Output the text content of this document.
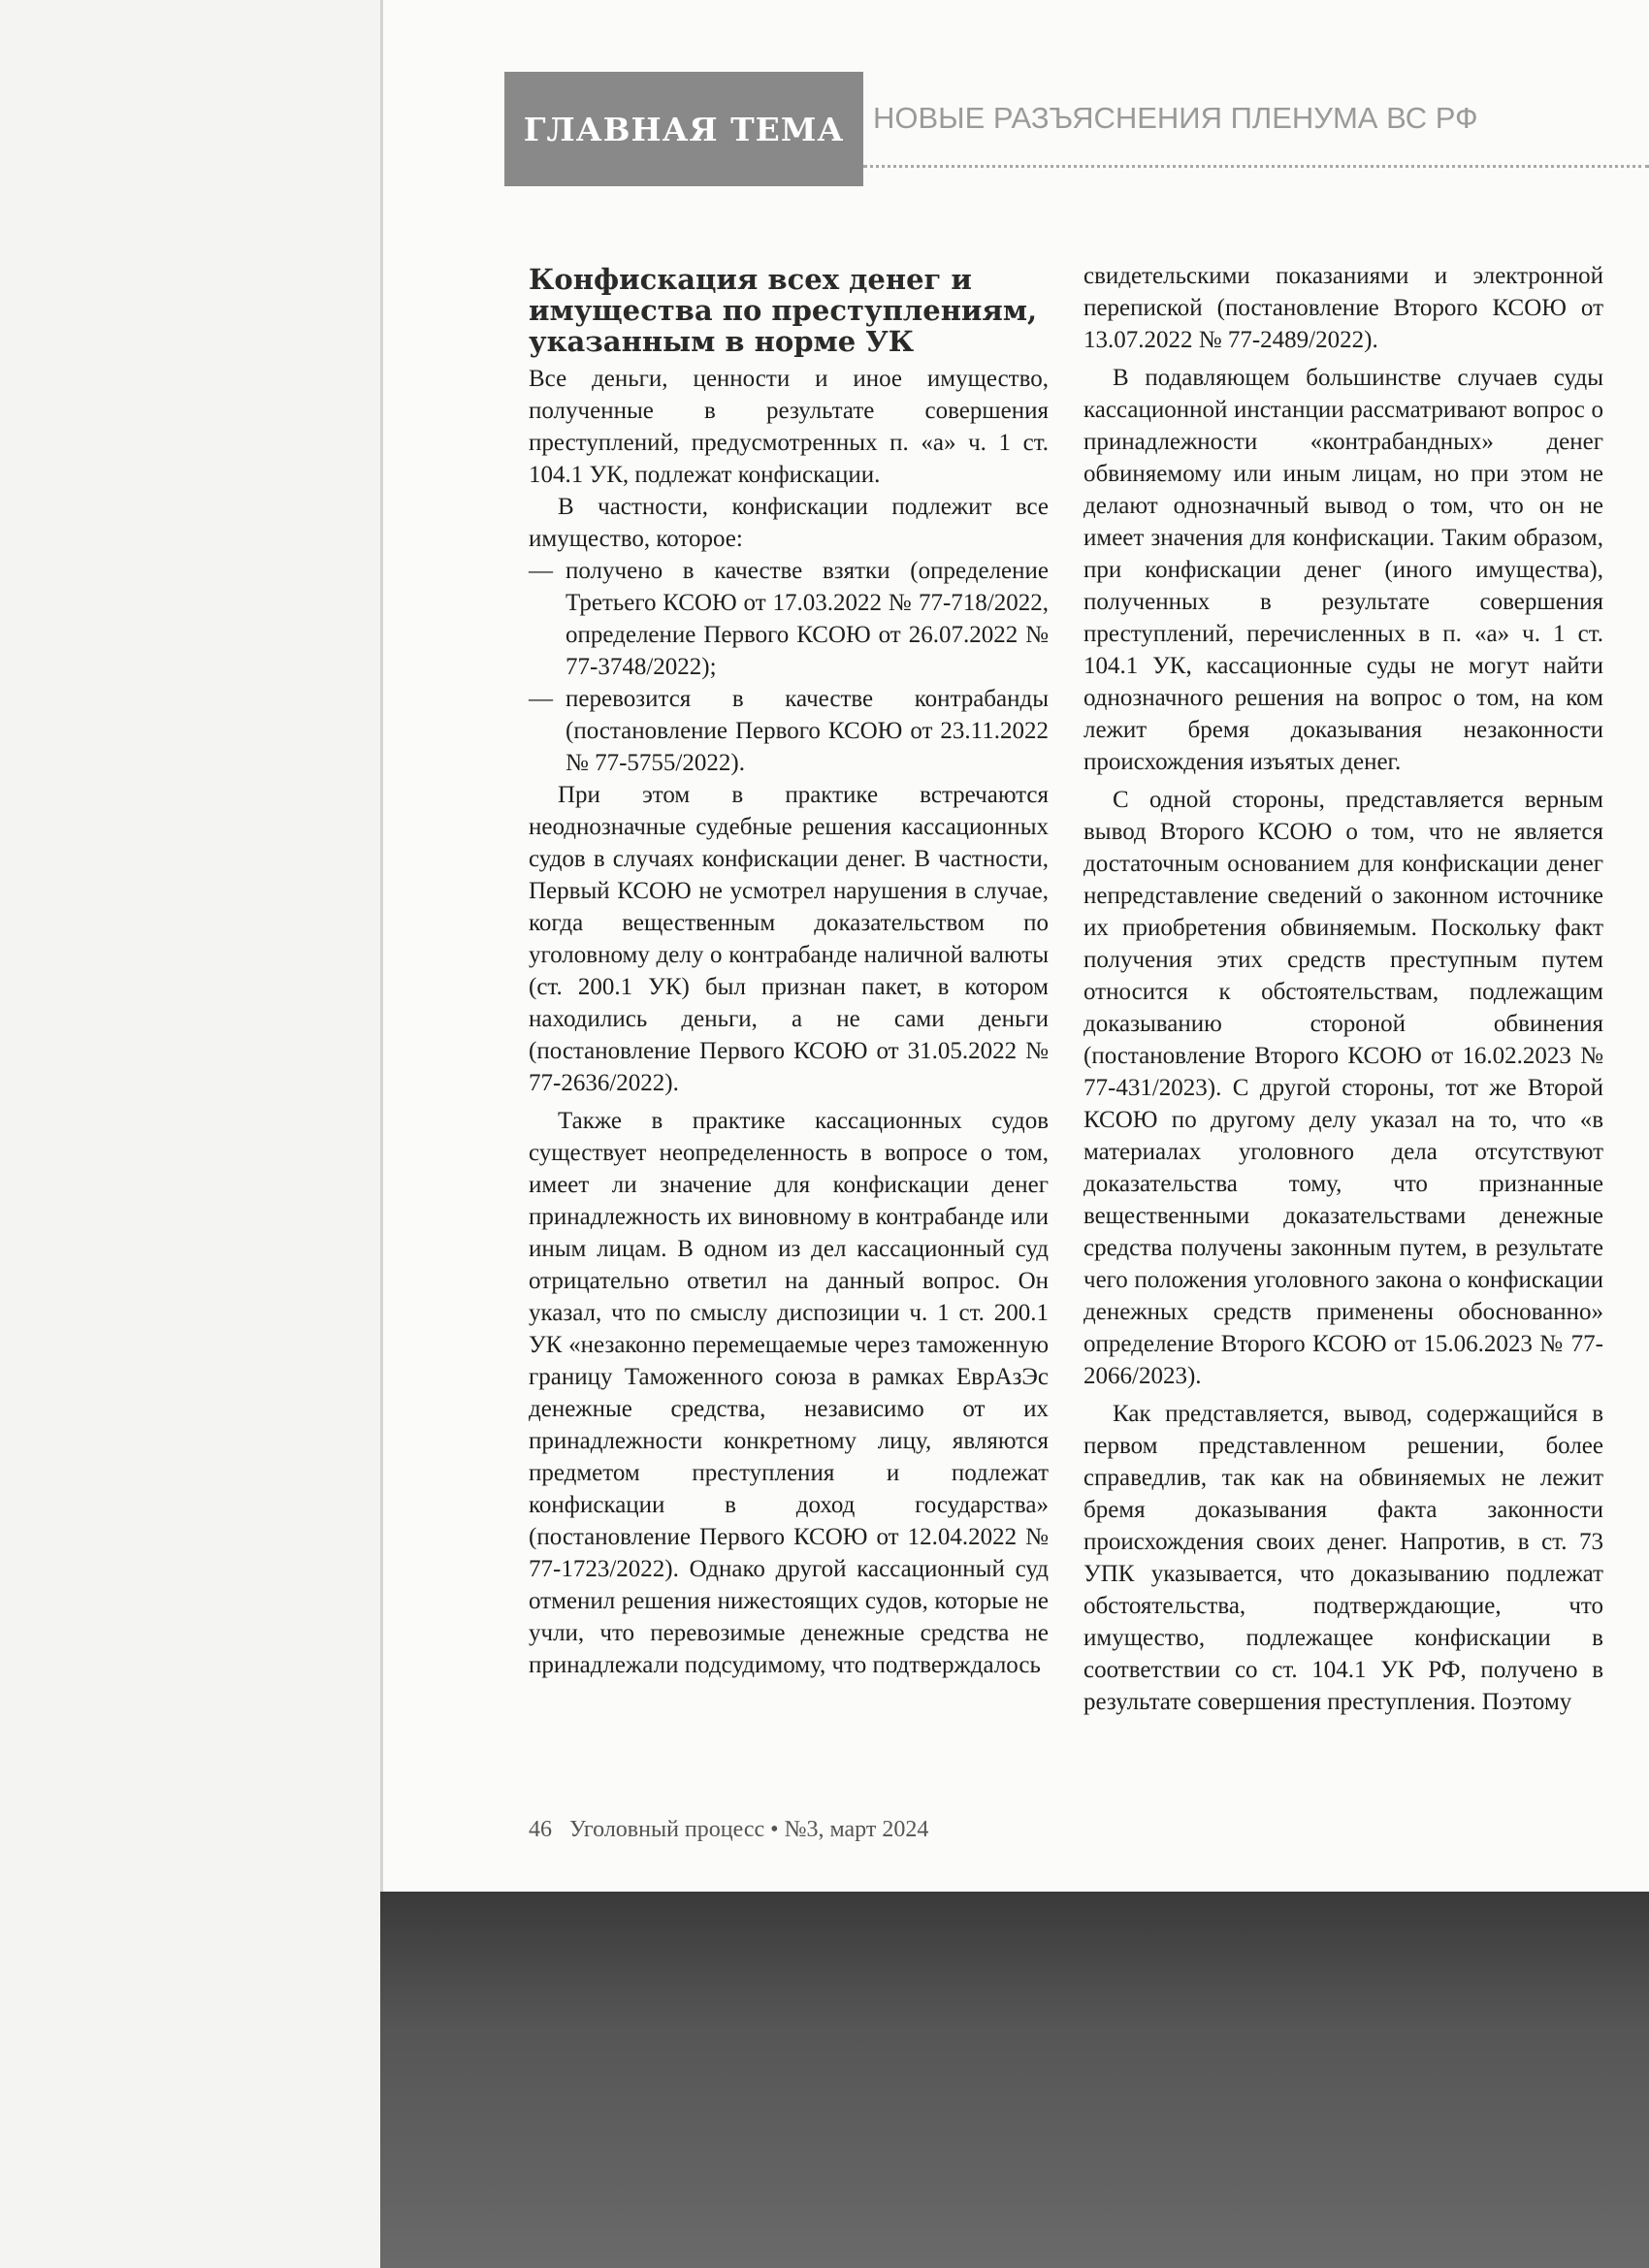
ГЛАВНАЯ ТЕМА НОВЫЕ РАЗЪЯСНЕНИЯ ПЛЕНУМА ВС РФ
Конфискация всех денег и имущества по преступлениям, указанным в норме УК

Все деньги, ценности и иное имущество, полученные в результате совершения преступлений, предусмотренных п. «а» ч. 1 ст. 104.1 УК, подлежат конфискации.

В частности, конфискации подлежит все имущество, которое:

— полученo в качестве взятки (определение Третьего КСОЮ от 17.03.2022 № 77-718/2022, определение Первого КСОЮ от 26.07.2022 № 77-3748/2022);
— перевозится в качестве контрабанды (постановление Первого КСОЮ от 23.11.2022 № 77-5755/2022).

При этом в практике встречаются неоднозначные судебные решения кассационных судов в случаях конфискации денег. В частности, Первый КСОЮ не усмотрел нарушения в случае, когда вещественным доказательством по уголовному делу о контрабанде наличной валюты (ст. 200.1 УК) был признан пакет, в котором находились деньги, а не сами деньги (постановление Первого КСОЮ от 31.05.2022 № 77-2636/2022).

Также в практике кассационных судов существует неопределенность в вопросе о том, имеет ли значение для конфискации денег принадлежность их виновному в контрабанде или иным лицам. В одном из дел кассационный суд отрицательно ответил на данный вопрос. Он указал, что по смыслу диспозиции ч. 1 ст. 200.1 УК «незаконно перемещаемые через таможенную границу Таможенного союза в рамках ЕврАзЭс денежные средства, независимо от их принадлежности конкретному лицу, являются предметом преступления и подлежат конфискации в доход государства» (постановление Первого КСОЮ от 12.04.2022 № 77-1723/2022). Однако другой кассационный суд отменил решения нижестоящих судов, которые не учли, что перевозимые денежные средства не принадлежали подсудимому, что подтверждалось

свидетельскими показаниями и электронной перепиской (постановление Второго КСОЮ от 13.07.2022 № 77-2489/2022).

В подавляющем большинстве случаев суды кассационной инстанции рассматривают вопрос о принадлежности «контрабандных» денег обвиняемому или иным лицам, но при этом не делают однозначный вывод о том, что он не имеет значения для конфискации. Таким образом, при конфискации денег (иного имущества), полученных в результате совершения преступлений, перечисленных в п. «а» ч. 1 ст. 104.1 УК, кассационные суды не могут найти однозначного решения на вопрос о том, на ком лежит бремя доказывания незаконности происхождения изъятых денег.

С одной стороны, представляется верным вывод Второго КСОЮ о том, что не является достаточным основанием для конфискации денег непредставление сведений о законном источнике их приобретения обвиняемым. Поскольку факт получения этих средств преступным путем относится к обстоятельствам, подлежащим доказыванию стороной обвинения (постановление Второго КСОЮ от 16.02.2023 № 77-431/2023). С другой стороны, тот же Второй КСОЮ по другому делу указал на то, что «в материалах уголовного дела отсутствуют доказательства тому, что признанные вещественными доказательствами денежные средства получены законным путем, в результате чего положения уголовного закона о конфискации денежных средств применены обоснованно» определение Второго КСОЮ от 15.06.2023 № 77-2066/2023).

Как представляется, вывод, содержащийся в первом представленном решении, более справедлив, так как на обвиняемых не лежит бремя доказывания факта законности происхождения своих денег. Напротив, в ст. 73 УПК указывается, что доказыванию подлежат обстоятельства, подтверждающие, что имущество, подлежащее конфискации в соответствии со ст. 104.1 УК РФ, получено в результате совершения преступления. Поэтому

46 Уголовный процесс • №3, март 2024
